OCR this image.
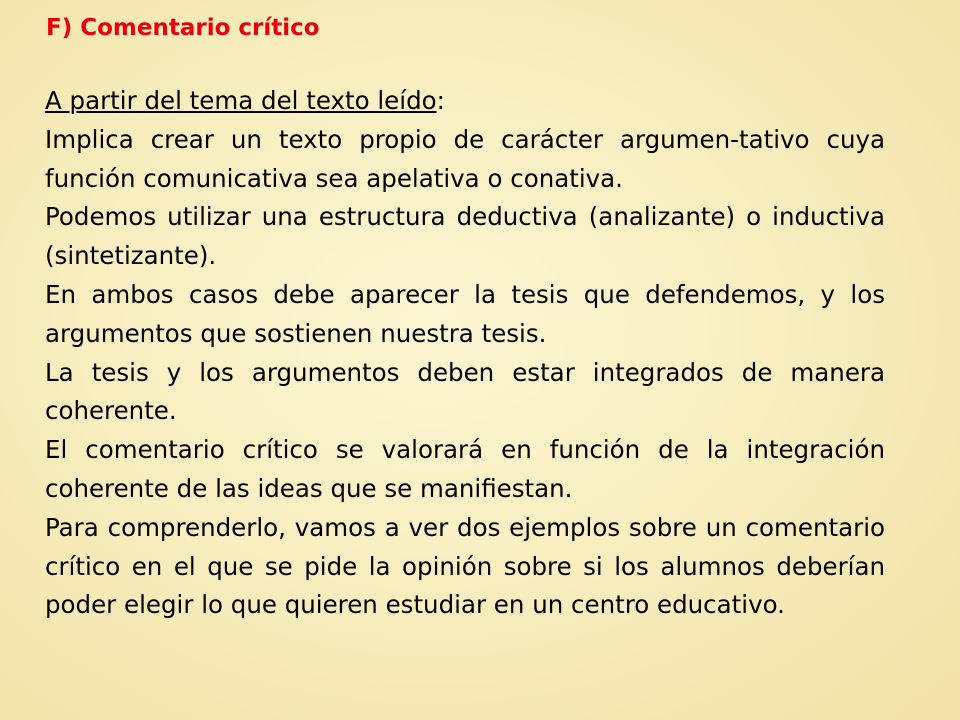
F) Comentario crítico

A partir del tema del texto leído:

Implica crear un texto propio de carácter argumen-tativo cuya función comunicativa sea apelativa o conativa.

Podemos utilizar una estructura deductiva (analizante) o inductiva (sintetizante).

En ambos casos debe aparecer la tesis que defendemos, y los argumentos que sostienen nuestra tesis.

La tesis y los argumentos deben estar integrados de manera coherente.

El comentario crítico se valorará en función de la integración coherente de las ideas que se manifiestan.

Para comprenderlo, vamos a ver dos ejemplos sobre un comentario crítico en el que se pide la opinión sobre si los alumnos deberían poder elegir lo que quieren estudiar en un centro educativo.
